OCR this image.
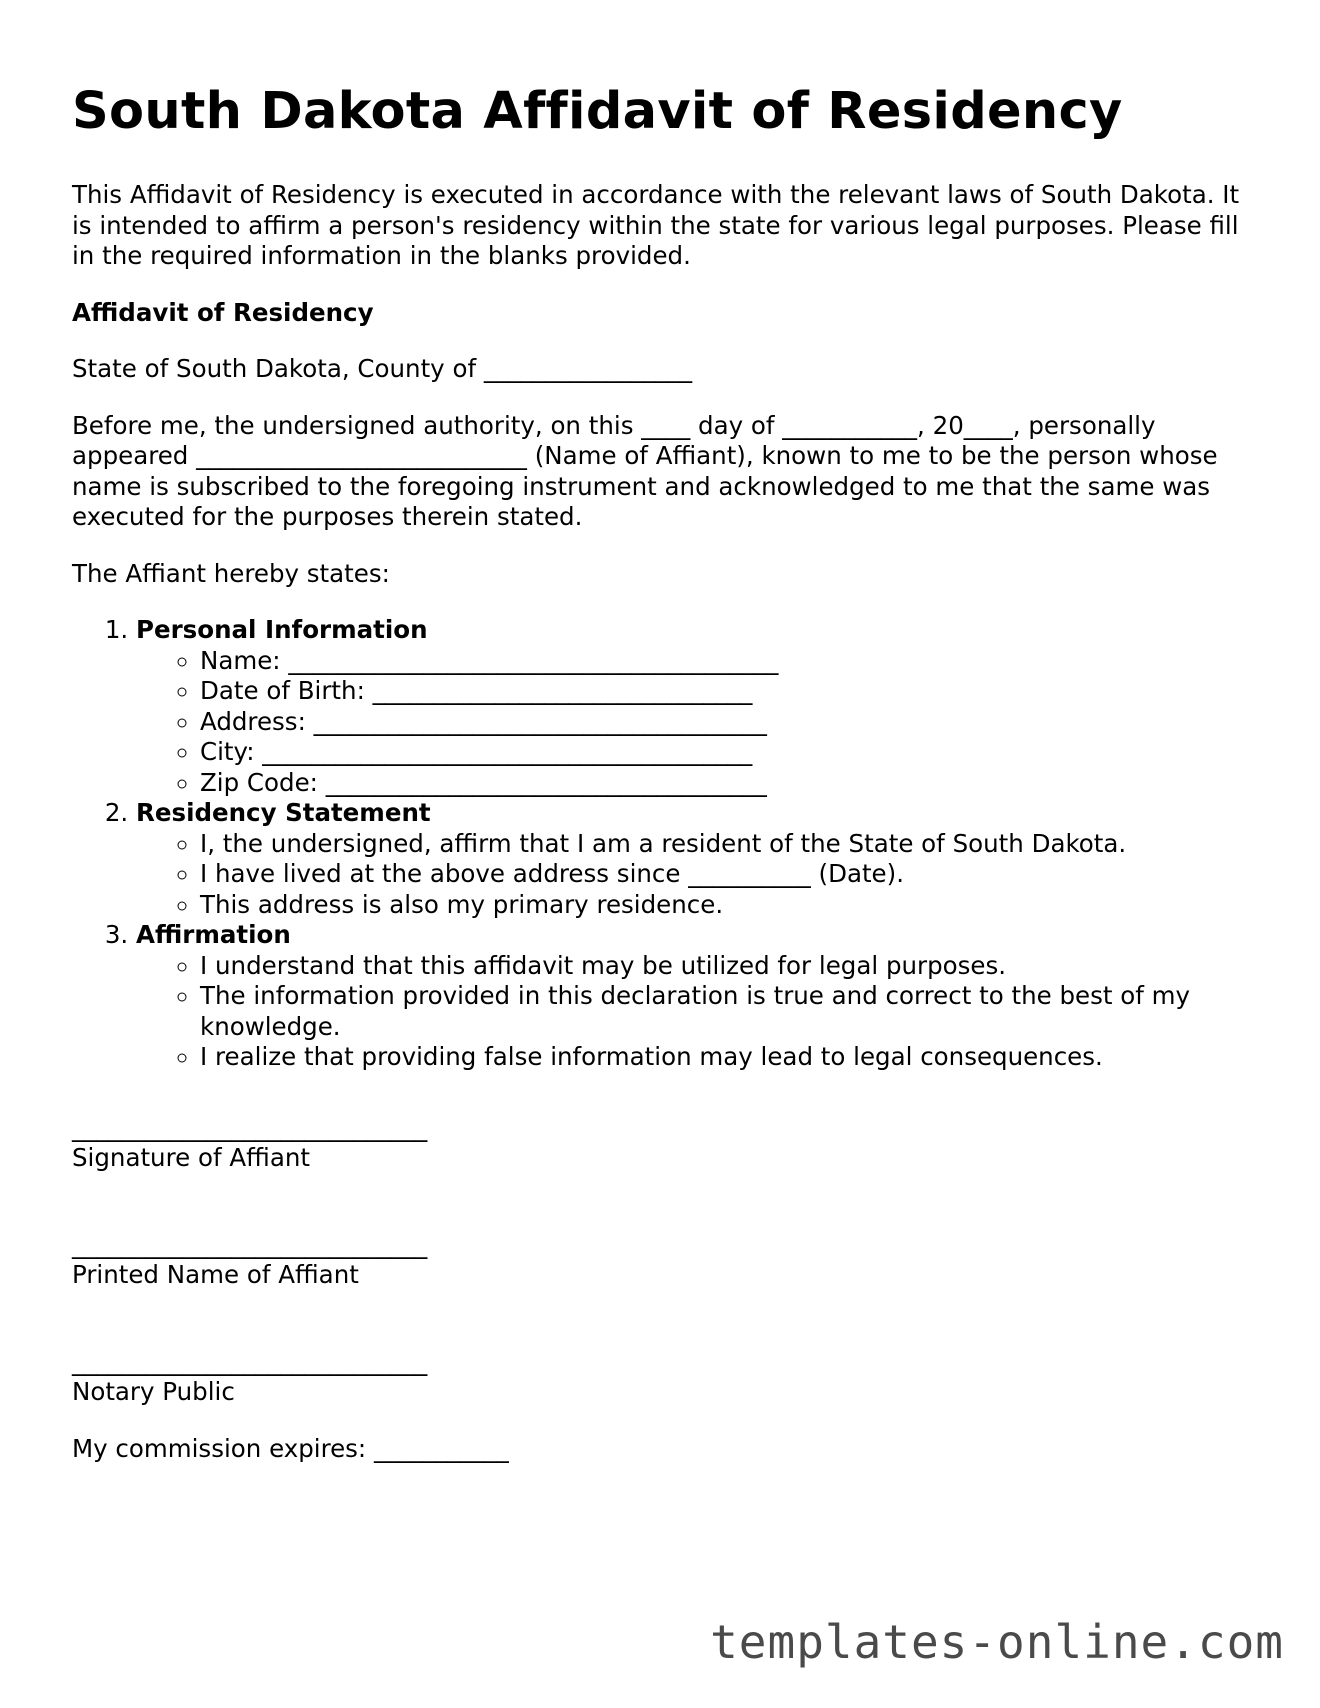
South Dakota Affidavit of Residency

This Affidavit of Residency is executed in accordance with the relevant laws of South Dakota. It is intended to affirm a person's residency within the state for various legal purposes. Please fill in the required information in the blanks provided.

Affidavit of Residency

State of South Dakota, County of _________________

Before me, the undersigned authority, on this ____ day of ___________, 20____, personally appeared ___________________________ (Name of Affiant), known to me to be the person whose name is subscribed to the foregoing instrument and acknowledged to me that the same was executed for the purposes therein stated.

The Affiant hereby states:

1. Personal Information
◦ Name: ________________________________________
◦ Date of Birth: _______________________________
◦ Address: _____________________________________
◦ City: ________________________________________
◦ Zip Code: ____________________________________
2. Residency Statement
◦ I, the undersigned, affirm that I am a resident of the State of South Dakota.
◦ I have lived at the above address since __________ (Date).
◦ This address is also my primary residence.
3. Affirmation
◦ I understand that this affidavit may be utilized for legal purposes.
◦ The information provided in this declaration is true and correct to the best of my knowledge.
◦ I realize that providing false information may lead to legal consequences.
_____________________________
Signature of Affiant
_____________________________
Printed Name of Affiant
_____________________________
Notary Public

My commission expires: ___________

templates-online.com
